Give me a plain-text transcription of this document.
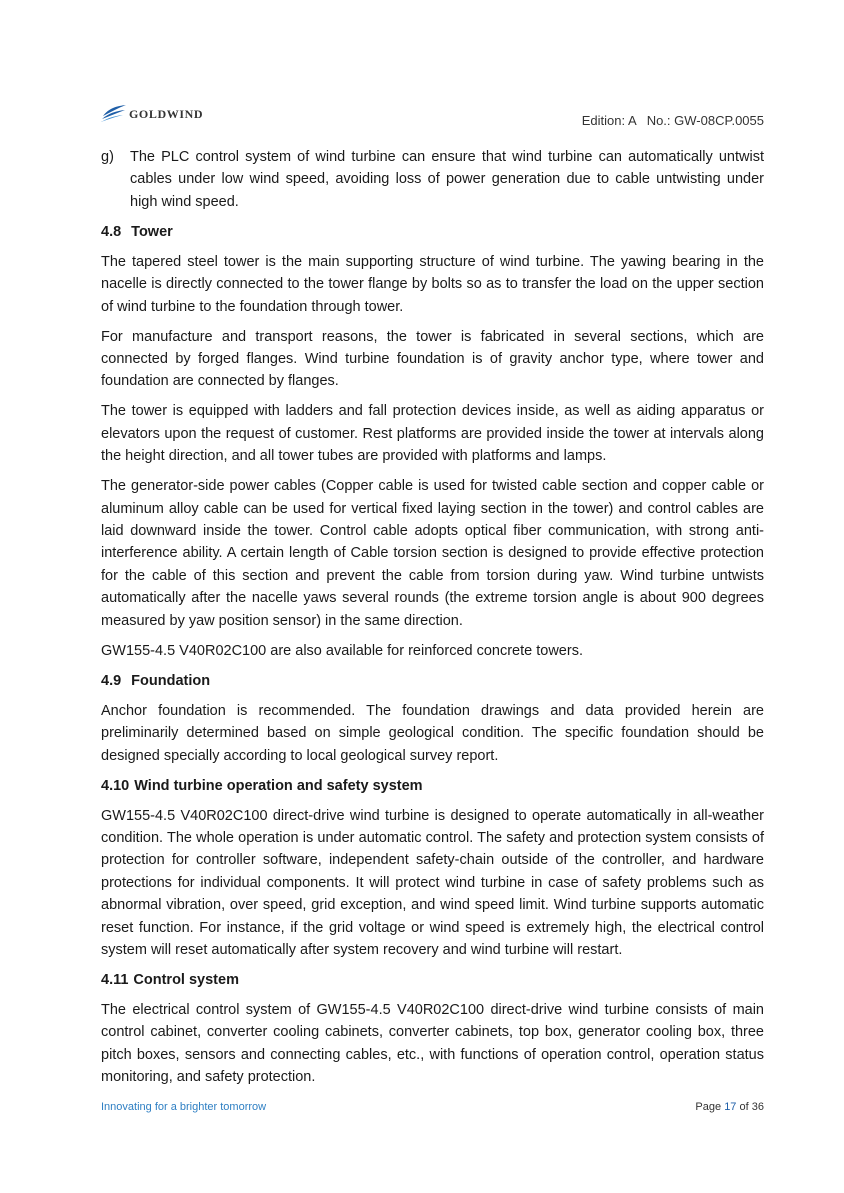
GOLDWIND	Edition: A No.: GW-08CP.0055
g) The PLC control system of wind turbine can ensure that wind turbine can automatically untwist cables under low wind speed, avoiding loss of power generation due to cable untwisting under high wind speed.
4.8 Tower

The tapered steel tower is the main supporting structure of wind turbine. The yawing bearing in the nacelle is directly connected to the tower flange by bolts so as to transfer the load on the upper section of wind turbine to the foundation through tower.

For manufacture and transport reasons, the tower is fabricated in several sections, which are connected by forged flanges. Wind turbine foundation is of gravity anchor type, where tower and foundation are connected by flanges.

The tower is equipped with ladders and fall protection devices inside, as well as aiding apparatus or elevators upon the request of customer. Rest platforms are provided inside the tower at intervals along the height direction, and all tower tubes are provided with platforms and lamps.

The generator-side power cables (Copper cable is used for twisted cable section and copper cable or aluminum alloy cable can be used for vertical fixed laying section in the tower) and control cables are laid downward inside the tower. Control cable adopts optical fiber communication, with strong anti-interference ability. A certain length of Cable torsion section is designed to provide effective protection for the cable of this section and prevent the cable from torsion during yaw. Wind turbine untwists automatically after the nacelle yaws several rounds (the extreme torsion angle is about 900 degrees measured by yaw position sensor) in the same direction.

GW155-4.5 V40R02C100 are also available for reinforced concrete towers.

4.9 Foundation

Anchor foundation is recommended. The foundation drawings and data provided herein are preliminarily determined based on simple geological condition. The specific foundation should be designed specially according to local geological survey report.

4.10 Wind turbine operation and safety system

GW155-4.5 V40R02C100 direct-drive wind turbine is designed to operate automatically in all-weather condition. The whole operation is under automatic control. The safety and protection system consists of protection for controller software, independent safety-chain outside of the controller, and hardware protections for individual components. It will protect wind turbine in case of safety problems such as abnormal vibration, over speed, grid exception, and wind speed limit. Wind turbine supports automatic reset function. For instance, if the grid voltage or wind speed is extremely high, the electrical control system will reset automatically after system recovery and wind turbine will restart.

4.11 Control system

The electrical control system of GW155-4.5 V40R02C100 direct-drive wind turbine consists of main control cabinet, converter cooling cabinets, converter cabinets, top box, generator cooling box, three pitch boxes, sensors and connecting cables, etc., with functions of operation control, operation status monitoring, and safety protection.

Innovating for a brighter tomorrow	Page 17 of 36
